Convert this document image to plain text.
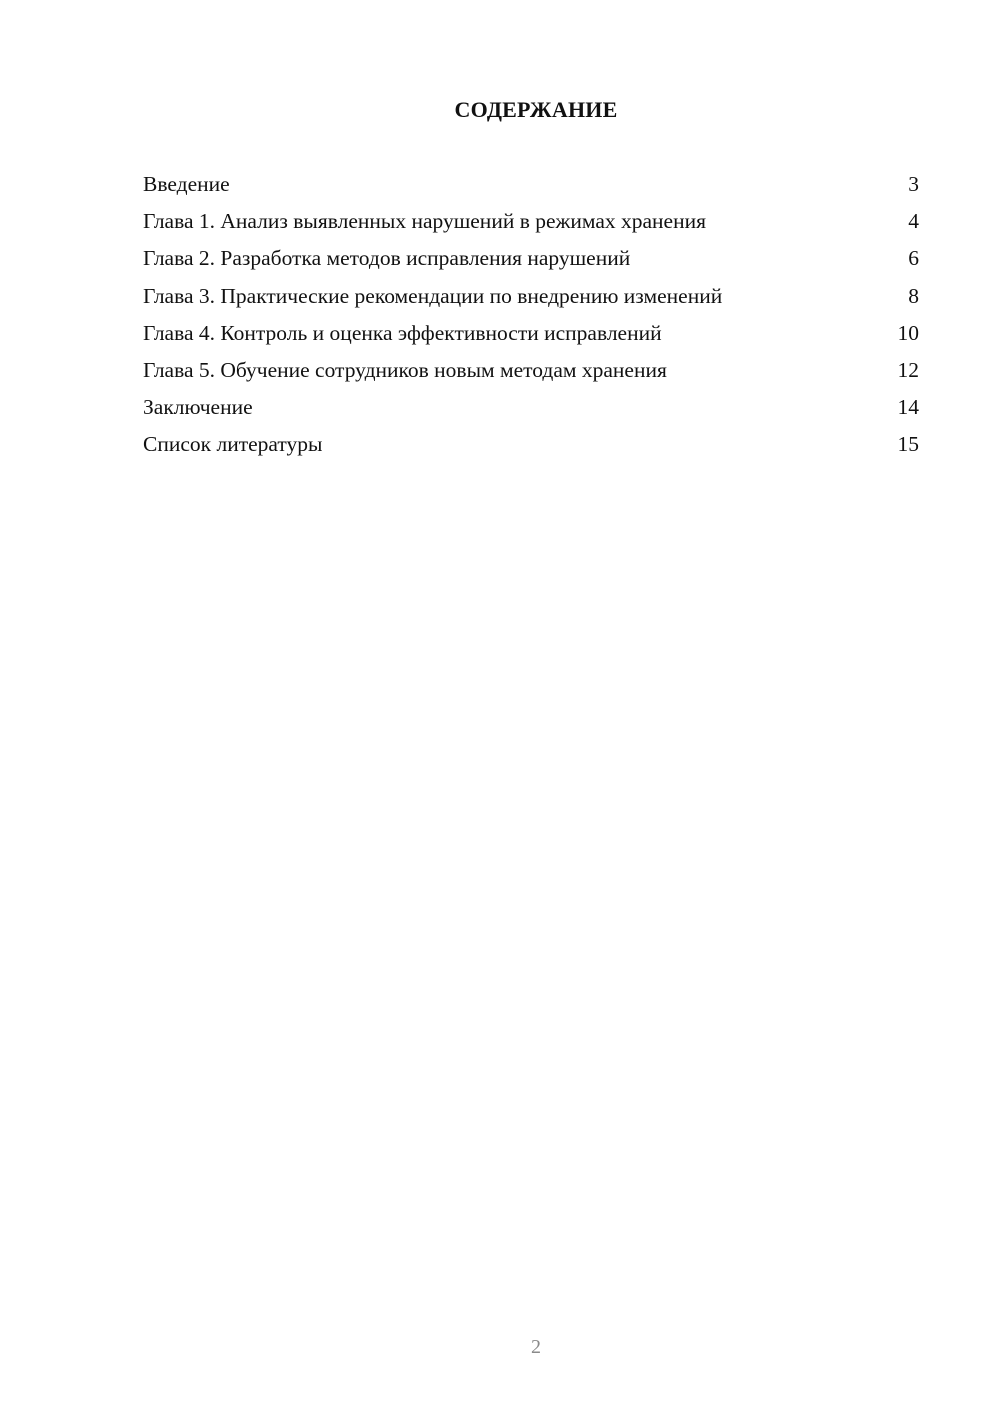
СОДЕРЖАНИЕ
Введение	3
Глава 1. Анализ выявленных нарушений в режимах хранения	4
Глава 2. Разработка методов исправления нарушений	6
Глава 3. Практические рекомендации по внедрению изменений	8
Глава 4. Контроль и оценка эффективности исправлений	10
Глава 5. Обучение сотрудников новым методам хранения	12
Заключение	14
Список литературы	15
2
